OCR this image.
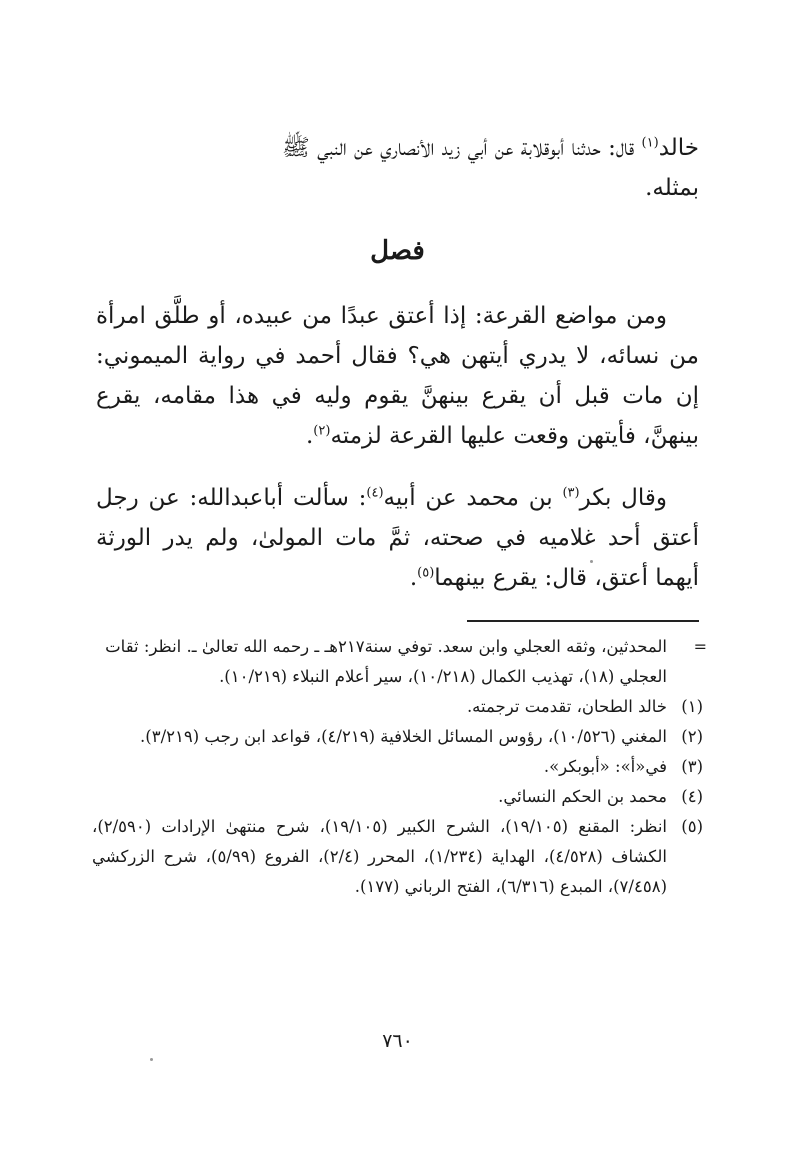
خالد$^{(١)}$ قال: حدثنا أبوقلابة عن أبي زيد الأنصاري عن النبي ﷺ

بمثله.

فصل

ومن مواضع القرعة: إذا أعتق عبدًا من عبيده، أو طلَّق امرأة من نسائه، لا يدري أيتهن هي؟ فقال أحمد في رواية الميموني: إن مات قبل أن يقرع بينهنَّ يقوم وليه في هذا مقامه، يقرع بينهنَّ، فأيتهن وقعت عليها القرعة لزمته$^{(٢)}$.

وقال بكر$^{(٣)}$ بن محمد عن أبيه$^{(٤)}$: سألت أباعبدالله: عن رجل أعتق أحد غلاميه في صحته، ثمَّ مات المولىٰ، ولم يدر الورثة أيهما أعتق، قال: يقرع بينهما$^{(٥)}$.

=
المحدثين، وثقه العجلي وابن سعد. توفي سنة٢١٧هـ ـ رحمه الله تعالىٰ ـ. انظر: ثقات العجلي (١٨)، تهذيب الكمال (١٠/٢١٨)، سير أعلام النبلاء (١٠/٢١٩).
(١)
خالد الطحان، تقدمت ترجمته.
(٢)
المغني (١٠/٥٢٦)، رؤوس المسائل الخلافية (٤/٢١٩)، قواعد ابن رجب (٣/٢١٩).
(٣)
في«أ»: «أبوبكر».
(٤)
محمد بن الحكم النسائي.
(٥)
انظر: المقنع (١٩/١٠٥)، الشرح الكبير (١٩/١٠٥)، شرح منتهىٰ الإرادات (٢/٥٩٠)، الكشاف (٤/٥٢٨)، الهداية (١/٢٣٤)، المحرر (٢/٤)، الفروع (٥/٩٩)، شرح الزركشي (٧/٤٥٨)، المبدع (٦/٣١٦)، الفتح الرباني (١٧٧).
٧٦٠
